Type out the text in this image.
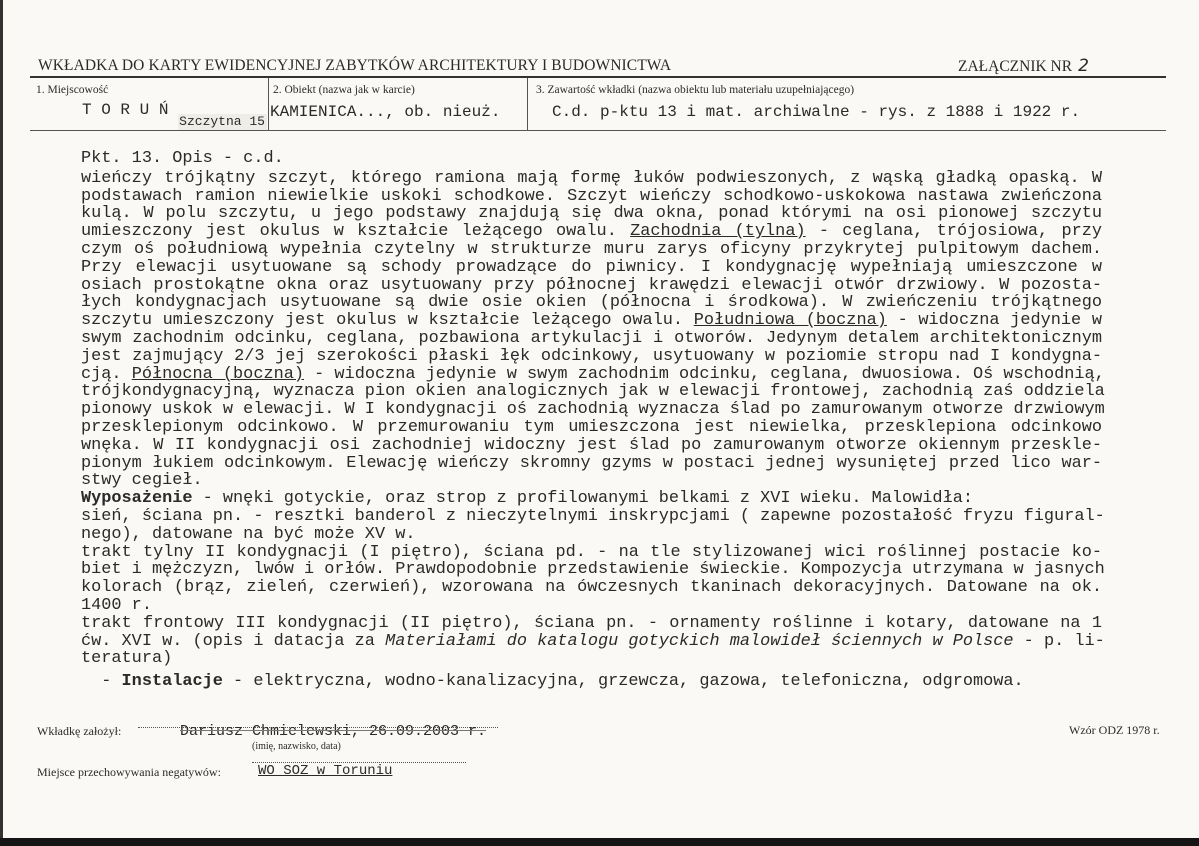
WKŁADKA DO KARTY EWIDENCYJNEJ ZABYTKÓW ARCHITEKTURY I BUDOWNICTWA	ZAŁĄCZNIK NR 2
1. Miejscowość
T O R U Ń
Szczytna 15
2. Obiekt (nazwa jak w karcie)
KAMIENICA..., ob. nieuż.
3. Zawartość wkładki (nazwa obiektu lub materiału uzupełniającego)
C.d. p-ktu 13 i mat. archiwalne - rys. z 1888 i 1922 r.
Pkt. 13. Opis - c.d.
wieńczy trójkątny szczyt, którego ramiona mają formę łuków podwieszonych, z wąską gładką opaską. W
podstawach ramion niewielkie uskoki schodkowe. Szczyt wieńczy schodkowo-uskokowa nastawa zwieńczona
kulą. W polu szczytu, u jego podstawy znajdują się dwa okna, ponad którymi na osi pionowej szczytu
umieszczony jest okulus w kształcie leżącego owalu. Zachodnia (tylna) - ceglana, trójosiowa, przy
czym oś południową wypełnia czytelny w strukturze muru zarys oficyny przykrytej pulpitowym dachem.
Przy elewacji usytuowane są schody prowadzące do piwnicy. I kondygnację wypełniają umieszczone w
osiach prostokątne okna oraz usytuowany przy północnej krawędzi elewacji otwór drzwiowy. W pozosta-
łych kondygnacjach usytuowane są dwie osie okien (północna i środkowa). W zwieńczeniu trójkątnego
szczytu umieszczony jest okulus w kształcie leżącego owalu. Południowa (boczna) - widoczna jedynie w
swym zachodnim odcinku, ceglana, pozbawiona artykulacji i otworów. Jedynym detalem architektonicznym
jest zajmujący 2/3 jej szerokości płaski łęk odcinkowy, usytuowany w poziomie stropu nad I kondygna-
cją. Północna (boczna) - widoczna jedynie w swym zachodnim odcinku, ceglana, dwuosiowa. Oś wschodnią,
trójkondygnacyjną, wyznacza pion okien analogicznych jak w elewacji frontowej, zachodnią zaś oddziela
pionowy uskok w elewacji. W I kondygnacji oś zachodnią wyznacza ślad po zamurowanym otworze drzwiowym
przesklepionym odcinkowo. W przemurowaniu tym umieszczona jest niewielka, przesklepiona odcinkowo
wnęka. W II kondygnacji osi zachodniej widoczny jest ślad po zamurowanym otworze okiennym przeskle-
pionym łukiem odcinkowym. Elewację wieńczy skromny gzyms w postaci jednej wysuniętej przed lico war-
stwy cegieł.
Wyposażenie - wnęki gotyckie, oraz strop z profilowanymi belkami z XVI wieku. Malowidła:
sień, ściana pn. - resztki banderol z nieczytelnymi inskrypcjami ( zapewne pozostałość fryzu figural-
nego), datowane na być może XV w.
trakt tylny II kondygnacji (I piętro), ściana pd. - na tle stylizowanej wici roślinnej postacie ko-
biet i mężczyzn, lwów i orłów. Prawdopodobnie przedstawienie świeckie. Kompozycja utrzymana w jasnych
kolorach (brąz, zieleń, czerwień), wzorowana na ówczesnych tkaninach dekoracyjnych. Datowane na ok.
1400 r.
trakt frontowy III kondygnacji (II piętro), ściana pn. - ornamenty roślinne i kotary, datowane na 1
ćw. XVI w. (opis i datacja za Materiałami do katalogu gotyckich malowideł ściennych w Polsce - p. li-
teratura)
- Instalacje - elektryczna, wodno-kanalizacyjna, grzewcza, gazowa, telefoniczna, odgromowa.
Wkładkę założył:	Dariusz Chmielewski, 26.09.2003 r.
(imię, nazwisko, data)
Wzór ODZ 1978 r.
Miejsce przechowywania negatywów:	WO SOZ w Toruniu
